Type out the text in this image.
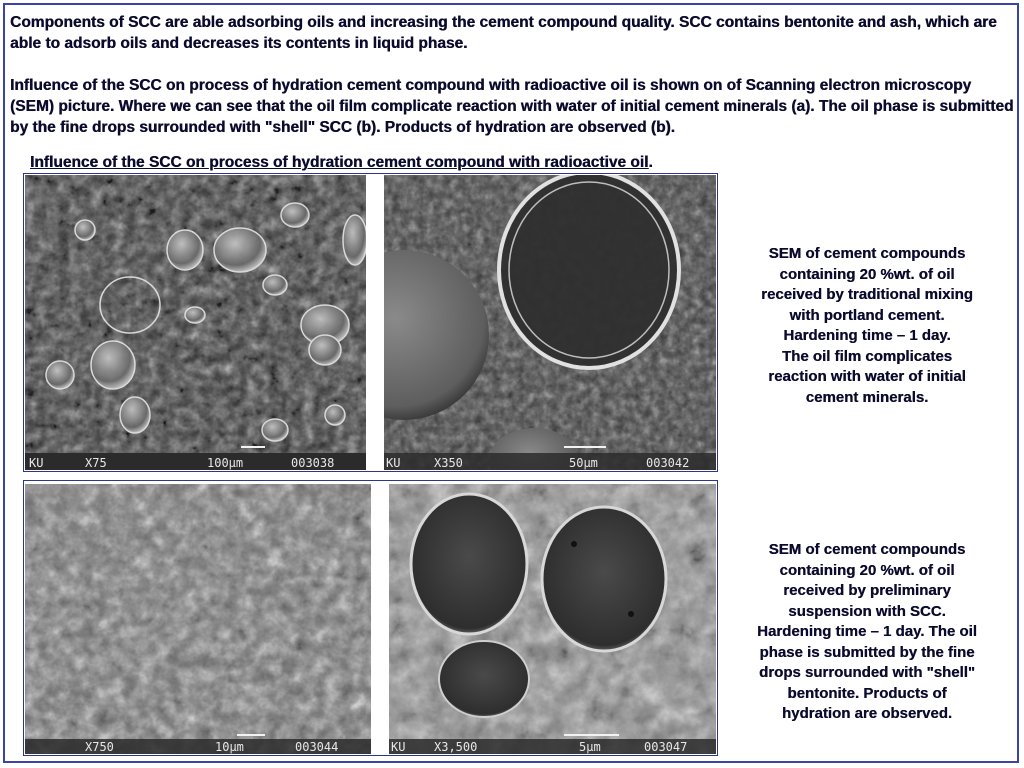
Components of SCC are able adsorbing oils and increasing the cement compound quality. SCC contains bentonite and ash, which are able to adsorb oils and decreases its contents in liquid phase.

Influence of the SCC on process of hydration cement compound with radioactive oil is shown on of Scanning electron microscopy (SEM) picture. Where we can see that the oil film complicate reaction with water of initial cement minerals (a). The oil phase is submitted by the fine drops surrounded with "shell" SCC (b). Products of hydration are observed (b).

Influence of the SCC on process of hydration cement compound with radioactive oil.

KU	X75	100µm	003038	KU	X350	50µm	003042
X750	10µm	003044	KU X3,500	5µm	003047

SEM of cement compounds
containing 20 %wt. of oil
received by traditional mixing
with portland cement.
Hardening time – 1 day.
The oil film complicates
reaction with water of initial
cement minerals.

SEM of cement compounds
containing 20 %wt. of oil
received by preliminary
suspension with SCC.
Hardening time – 1 day. The oil
phase is submitted by the fine
drops surrounded with "shell"
bentonite. Products of
hydration are observed.
